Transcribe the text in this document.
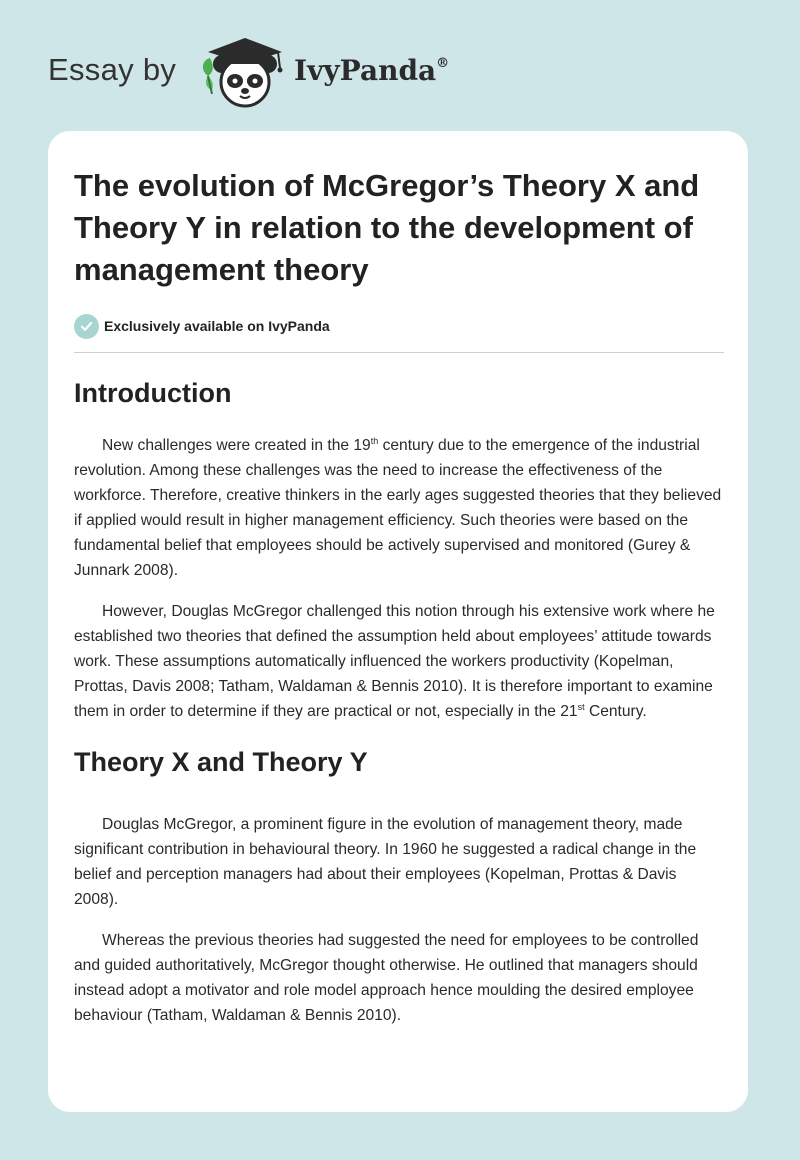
Essay by	IvyPanda®
The evolution of McGregor’s Theory X and Theory Y in relation to the development of management theory
Exclusively available on IvyPanda
Introduction

New challenges were created in the 19th century due to the emergence of the industrial revolution. Among these challenges was the need to increase the effectiveness of the workforce. Therefore, creative thinkers in the early ages suggested theories that they believed if applied would result in higher management efficiency. Such theories were based on the fundamental belief that employees should be actively supervised and monitored (Gurey & Junnark 2008).

However, Douglas McGregor challenged this notion through his extensive work where he established two theories that defined the assumption held about employees’ attitude towards work. These assumptions automatically influenced the workers productivity (Kopelman, Prottas, Davis 2008; Tatham, Waldaman & Bennis 2010). It is therefore important to examine them in order to determine if they are practical or not, especially in the 21st Century.

Theory X and Theory Y

Douglas McGregor, a prominent figure in the evolution of management theory, made significant contribution in behavioural theory. In 1960 he suggested a radical change in the belief and perception managers had about their employees (Kopelman, Prottas & Davis 2008).

Whereas the previous theories had suggested the need for employees to be controlled and guided authoritatively, McGregor thought otherwise. He outlined that managers should instead adopt a motivator and role model approach hence moulding the desired employee behaviour (Tatham, Waldaman & Bennis 2010).
